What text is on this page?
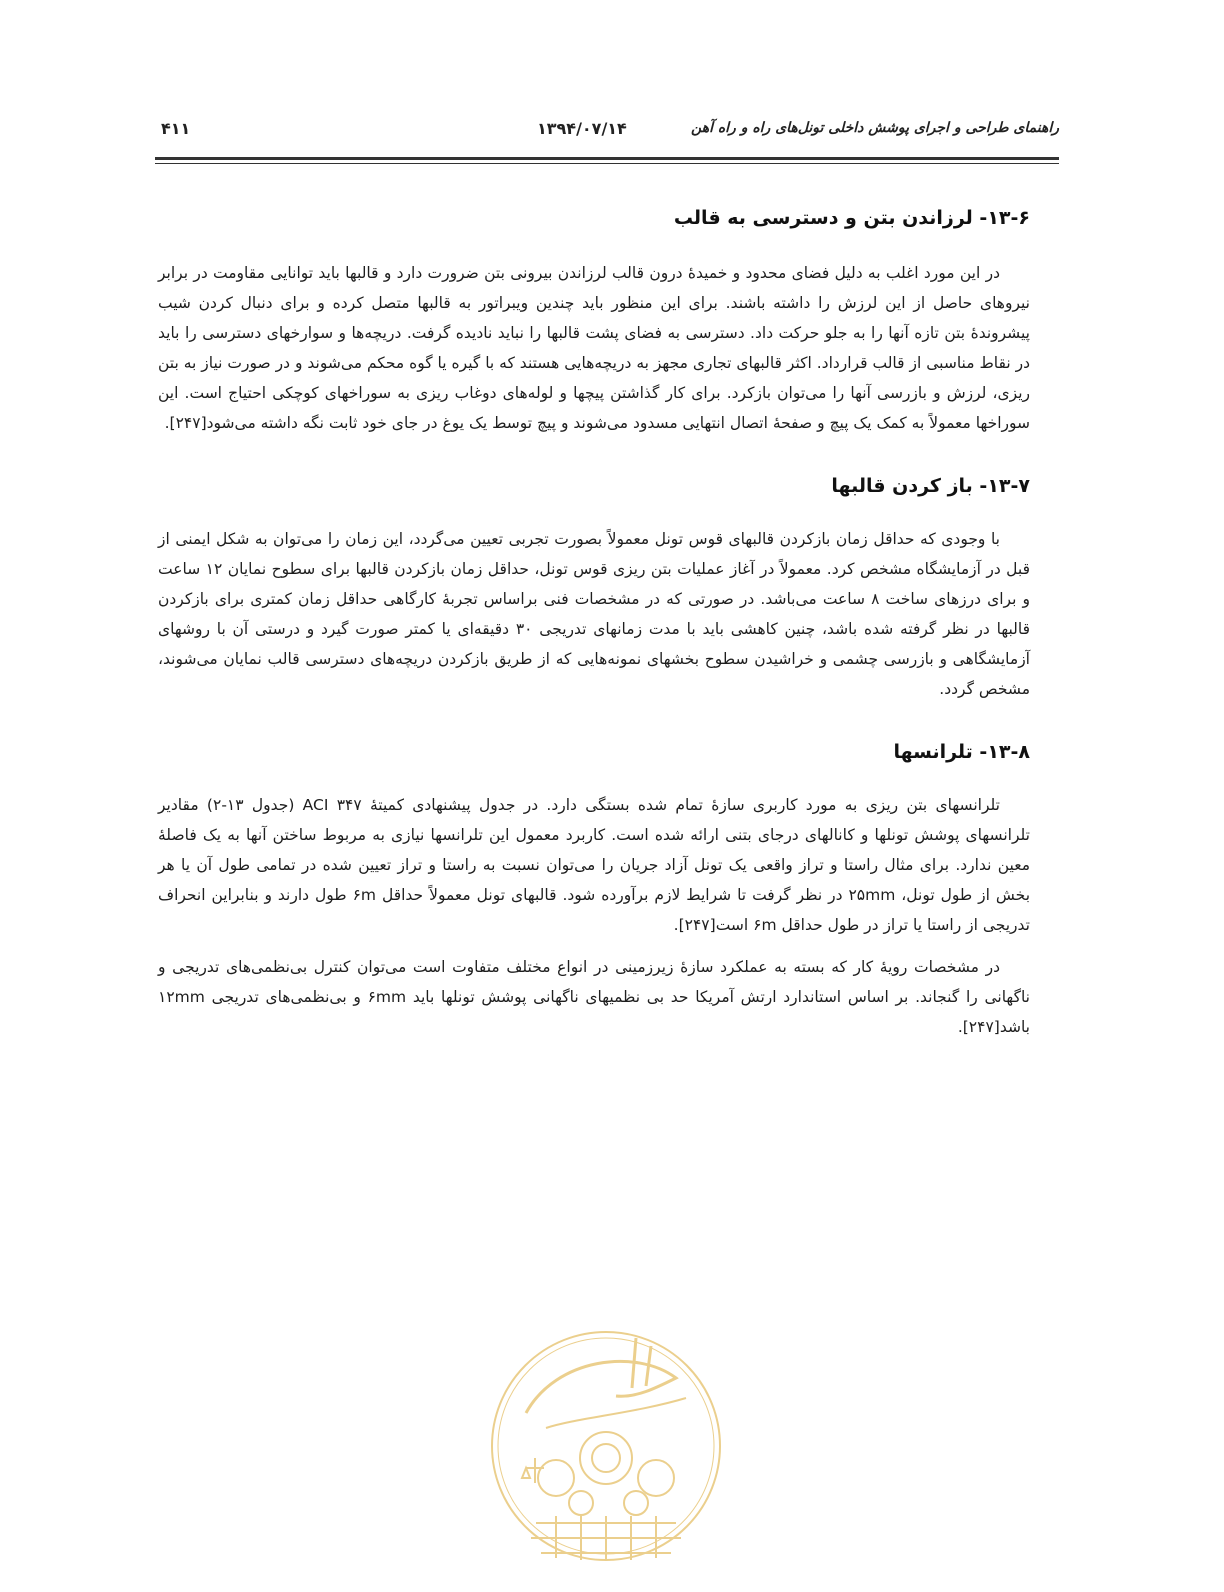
راهنمای طراحی و اجرای پوشش داخلی تونل‌های راه و راه آهن
۱۳۹۴/۰۷/۱۴
۴۱۱
۱۳-۶- لرزاندن بتن و دسترسی به قالب

در این مورد اغلب به دلیل فضای محدود و خمیدهٔ درون قالب لرزاندن بیرونی بتن ضرورت دارد و قالبها باید توانایی مقاومت در برابر نیروهای حاصل از این لرزش را داشته باشند. برای این منظور باید چندین ویبراتور به قالبها متصل کرده و برای دنبال کردن شیب پیشروندهٔ بتن تازه آنها را به جلو حرکت داد. دسترسی به فضای پشت قالبها را نباید نادیده گرفت. دریچه‌ها و سوارخهای دسترسی را باید در نقاط مناسبی از قالب قرارداد. اکثر قالبهای تجاری مجهز به دریچه‌هایی هستند که با گیره یا گوه محکم می‌شوند و در صورت نیاز به بتن ریزی، لرزش و بازرسی آنها را می‌توان بازکرد. برای کار گذاشتن پیچها و لوله‌های دوغاب ریزی به سوراخهای کوچکی احتیاج است. این سوراخها معمولاً به کمک یک پیچ و صفحهٔ اتصال انتهایی مسدود می‌شوند و پیچ توسط یک یوغ در جای خود ثابت نگه داشته می‌شود[۲۴۷].

۱۳-۷- باز کردن قالبها

با وجودی که حداقل زمان بازکردن قالبهای قوس تونل معمولاً بصورت تجربی تعیین می‌گردد، این زمان را می‌توان به شکل ایمنی از قبل در آزمایشگاه مشخص کرد. معمولاً در آغاز عملیات بتن ریزی قوس تونل، حداقل زمان بازکردن قالبها برای سطوح نمایان ۱۲ ساعت و برای درزهای ساخت ۸ ساعت می‌باشد. در صورتی که در مشخصات فنی براساس تجربهٔ کارگاهی حداقل زمان کمتری برای بازکردن قالبها در نظر گرفته شده باشد، چنین کاهشی باید با مدت زمانهای تدریجی ۳۰ دقیقه‌ای یا کمتر صورت گیرد و درستی آن با روشهای آزمایشگاهی و بازرسی چشمی و خراشیدن سطوح بخشهای نمونه‌هایی که از طریق بازکردن دریچه‌های دسترسی قالب نمایان می‌شوند، مشخص گردد.

۱۳-۸- تلرانسها

تلرانسهای بتن ریزی به مورد کاربری سازهٔ تمام شده بستگی دارد. در جدول پیشنهادی کمیتهٔ ACI ۳۴۷ (جدول ۱۳-۲) مقادیر تلرانسهای پوشش تونلها و کانالهای درجای بتنی ارائه شده است. کاربرد معمول این تلرانسها نیازی به مربوط ساختن آنها به یک فاصلهٔ معین ندارد. برای مثال راستا و تراز واقعی یک تونل آزاد جریان را می‌توان نسبت به راستا و تراز تعیین شده در تمامی طول آن یا هر بخش از طول تونل، ۲۵mm در نظر گرفت تا شرایط لازم برآورده شود. قالبهای تونل معمولاً حداقل ۶m طول دارند و بنابراین انحراف تدریجی از راستا یا تراز در طول حداقل ۶m است[۲۴۷].

در مشخصات رویهٔ کار که بسته به عملکرد سازهٔ زیرزمینی در انواع مختلف متفاوت است می‌توان کنترل بی‌نظمی‌های تدریجی و ناگهانی را گنجاند. بر اساس استاندارد ارتش آمریکا حد بی نظمیهای ناگهانی پوشش تونلها باید ۶mm و بی‌نظمی‌های تدریجی ۱۲mm باشد[۲۴۷].
